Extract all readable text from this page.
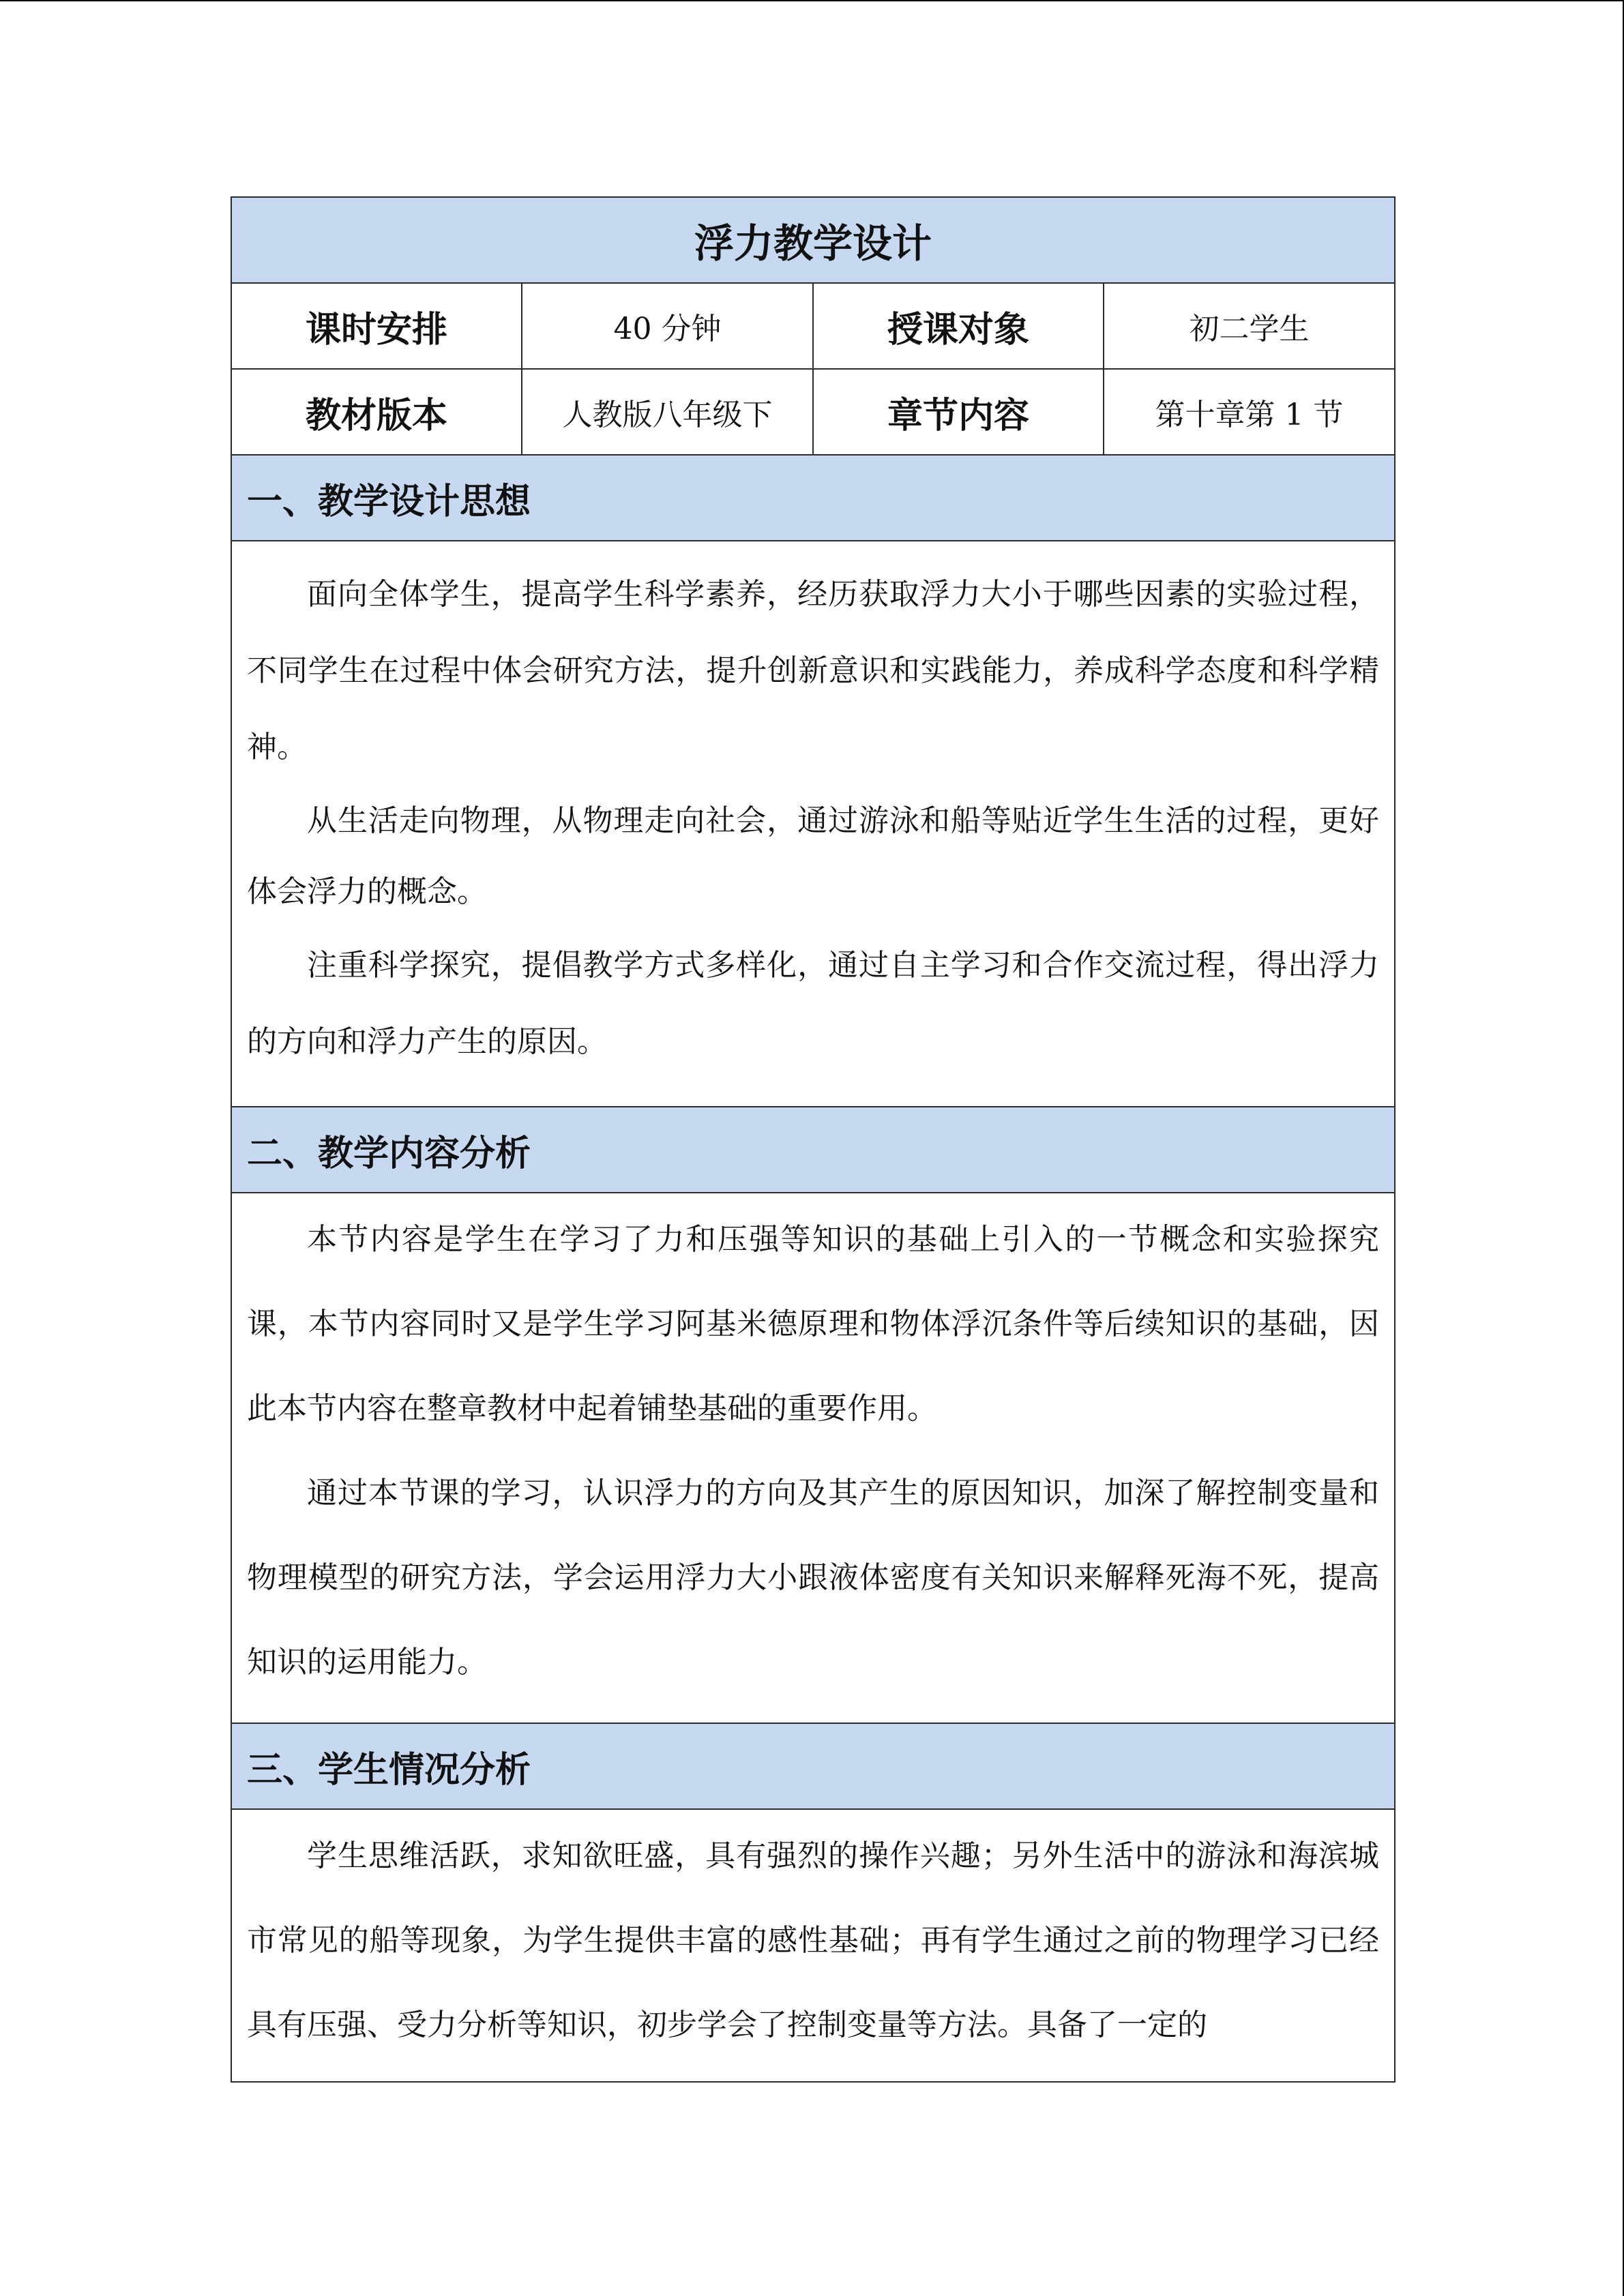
浮力教学设计			
课时安排	40 分钟	授课对象	初二学生
教材版本	人教版八年级下	章节内容	第十章第 1 节
一、教学设计思想			

面向全体学生，提高学生科学素养，经历获取浮力大小于哪些因素的实验过程，不同学生在过程中体会研究方法，提升创新意识和实践能力，养成科学态度和科学精神。

从生活走向物理，从物理走向社会，通过游泳和船等贴近学生生活的过程，更好体会浮力的概念。

注重科学探究，提倡教学方式多样化，通过自主学习和合作交流过程，得出浮力的方向和浮力产生的原因。			

二、教学内容分析			

本节内容是学生在学习了力和压强等知识的基础上引入的一节概念和实验探究课，本节内容同时又是学生学习阿基米德原理和物体浮沉条件等后续知识的基础，因此本节内容在整章教材中起着铺垫基础的重要作用。

通过本节课的学习，认识浮力的方向及其产生的原因知识，加深了解控制变量和物理模型的研究方法，学会运用浮力大小跟液体密度有关知识来解释死海不死，提高知识的运用能力。			

三、学生情况分析			

学生思维活跃，求知欲旺盛，具有强烈的操作兴趣；另外生活中的游泳和海滨城市常见的船等现象，为学生提供丰富的感性基础；再有学生通过之前的物理学习已经具有压强、受力分析等知识，初步学会了控制变量等方法。具备了一定的			
